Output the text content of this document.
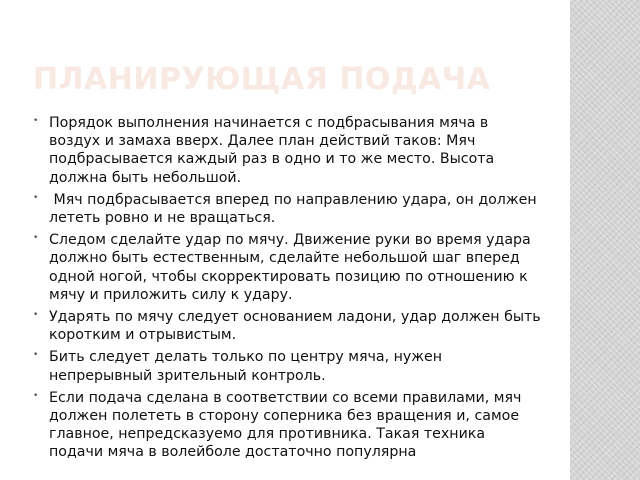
ПЛАНИРУЮЩАЯ ПОДАЧА
• Порядок выполнения начинается с подбрасывания мяча в воздух и замаха вверх. Далее план действий таков: Мяч подбрасывается каждый раз в одно и то же место. Высота должна быть небольшой.
• Мяч подбрасывается вперед по направлению удара, он должен лететь ровно и не вращаться.
• Следом сделайте удар по мячу. Движение руки во время удара должно быть естественным, сделайте небольшой шаг вперед одной ногой, чтобы скорректировать позицию по отношению к мячу и приложить силу к удару.
• Ударять по мячу следует основанием ладони, удар должен быть коротким и отрывистым.
• Бить следует делать только по центру мяча, нужен непрерывный зрительный контроль.
• Если подача сделана в соответствии со всеми правилами, мяч должен полететь в сторону соперника без вращения и, самое главное, непредсказуемо для противника. Такая техника подачи мяча в волейболе достаточно популярна
